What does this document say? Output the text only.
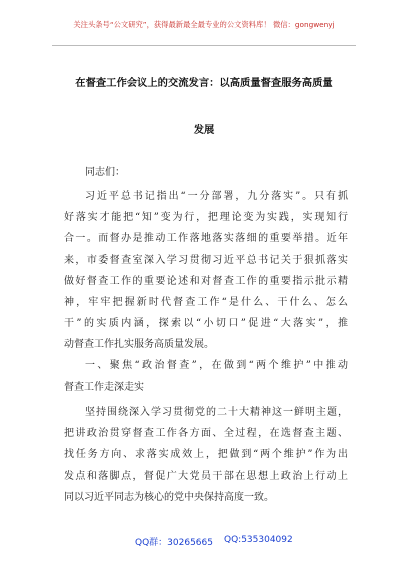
关注头条号“公文研究”，获得最新最全最专业的公文资料库！ 微信：gongwenyj
在督查工作会议上的交流发言：以高质量督查服务高质量
发展
同志们：
习近平总书记指出“一分部署，九分落实”。只有抓
好落实才能把“知”变为行，把理论变为实践，实现知行
合一。而督办是推动工作落地落实落细的重要举措。近年
来，市委督查室深入学习贯彻习近平总书记关于狠抓落实
做好督查工作的重要论述和对督查工作的重要指示批示精
神，牢牢把握新时代督查工作“是什么、干什么、怎么
干”的实质内涵，探索以“小切口”促进“大落实”，推
动督查工作扎实服务高质量发展。
一、聚焦“政治督查”，在做到“两个维护”中推动
督查工作走深走实
坚持围绕深入学习贯彻党的二十大精神这一鲜明主题，
把讲政治贯穿督查工作各方面、全过程，在选督查主题、
找任务方向、求落实成效上，把做到“两个维护”作为出
发点和落脚点，督促广大党员干部在思想上政治上行动上
同以习近平同志为核心的党中央保持高度一致。
QQ群：30265665 QQ:535304092
